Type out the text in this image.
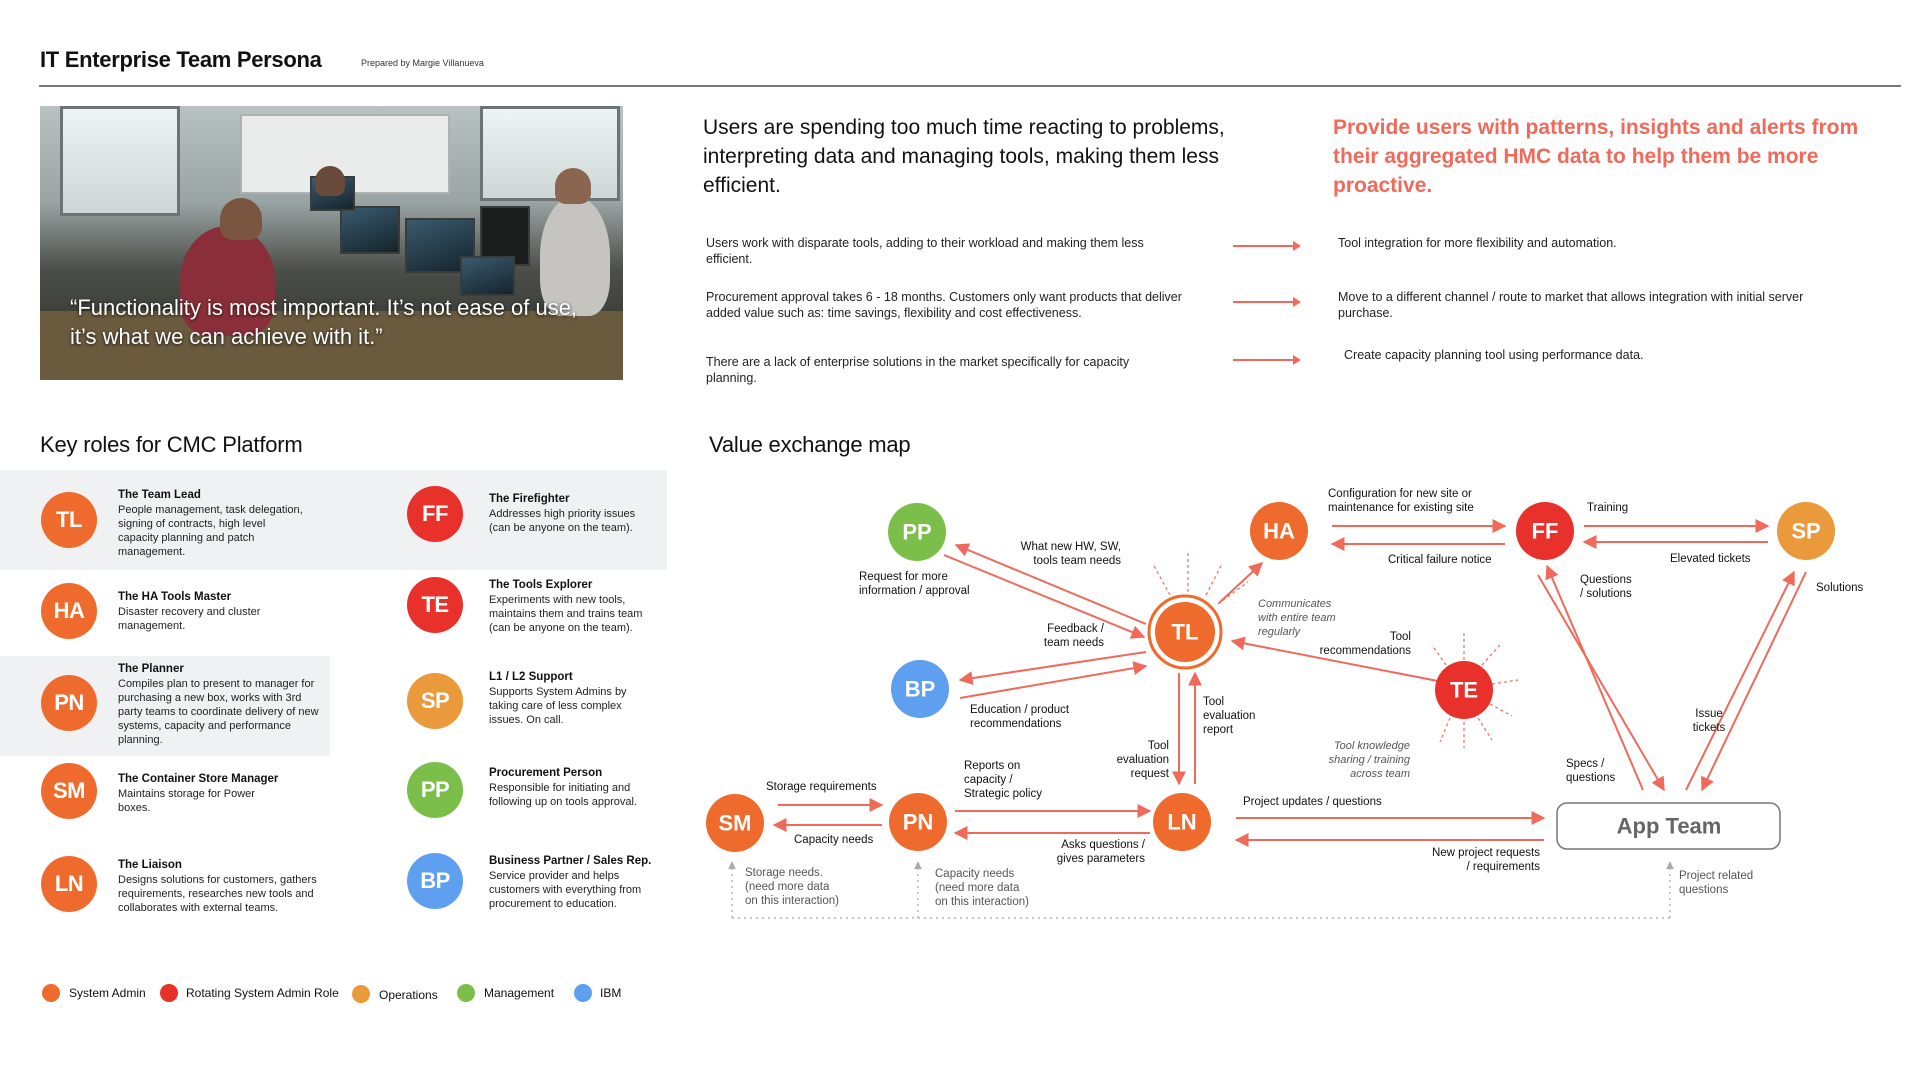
IT Enterprise Team Persona	Prepared by Margie Villanueva
“Functionality is most important. It’s not ease of use, it’s what we can achieve with it.”
Users are spending too much time reacting to problems, interpreting data and managing tools, making them less efficient.
Provide users with patterns, insights and alerts from their aggregated HMC data to help them be more proactive.
Users work with disparate tools, adding to their workload and making them less efficient.
Tool integration for more flexibility and automation.
Procurement approval takes 6 - 18 months. Customers only want products that deliver added value such as: time savings, flexibility and cost effectiveness.
Move to a different channel / route to market that allows integration with initial server purchase.
There are a lack of enterprise solutions in the market specifically for capacity planning.
Create capacity planning tool using performance data.
Key roles for CMC Platform
TL
The Team Lead
People management, task delegation, signing of contracts, high level capacity planning and patch management.
HA
The HA Tools Master
Disaster recovery and cluster management.
PN
The Planner
Compiles plan to present to manager for purchasing a new box, works with 3rd party teams to coordinate delivery of new systems, capacity and performance planning.
SM	The Container Store Manager
Maintains storage for Power boxes.
LN
The Liaison
Designs solutions for customers, gathers requirements, researches new tools and collaborates with external teams.
FF
The Firefighter
Addresses high priority issues (can be anyone on the team).
TE
The Tools Explorer
Experiments with new tools, maintains them and trains team (can be anyone on the team).
SP
L1 / L2 Support
Supports System Admins by taking care of less complex issues. On call.
PP
Procurement Person
Responsible for initiating and following up on tools approval.
BP
Business Partner / Sales Rep.
Service provider and helps customers with everything from procurement to education.
System Admin	Rotating System Admin Role	Operations	Management	IBM
Value exchange map
PP	HA	FF	SP
TL
BP	TE
SM	PN	LN	App Team
Configuration for new site or
maintenance for existing site
Critical failure notice
Training
Elevated tickets
Questions
/ solutions	Solutions
What new HW, SW,
tools team needs
Request for more
information / approval
Feedback /
team needs	Tool
recommendations
Education / product
recommendations
Tool
evaluation
report
Tool
evaluation
request
Issue
tickets
Specs /
questions
Storage requirements
Capacity needs
Reports on
capacity /
Strategic policy
Project updates / questions
Asks questions /
gives parameters	New project requests
/ requirements
Communicates
with entire team
regularly
Tool knowledge
sharing / training
across team
Storage needs.
(need more data
on this interaction)
Capacity needs
(need more data
on this interaction)
Project related
questions
